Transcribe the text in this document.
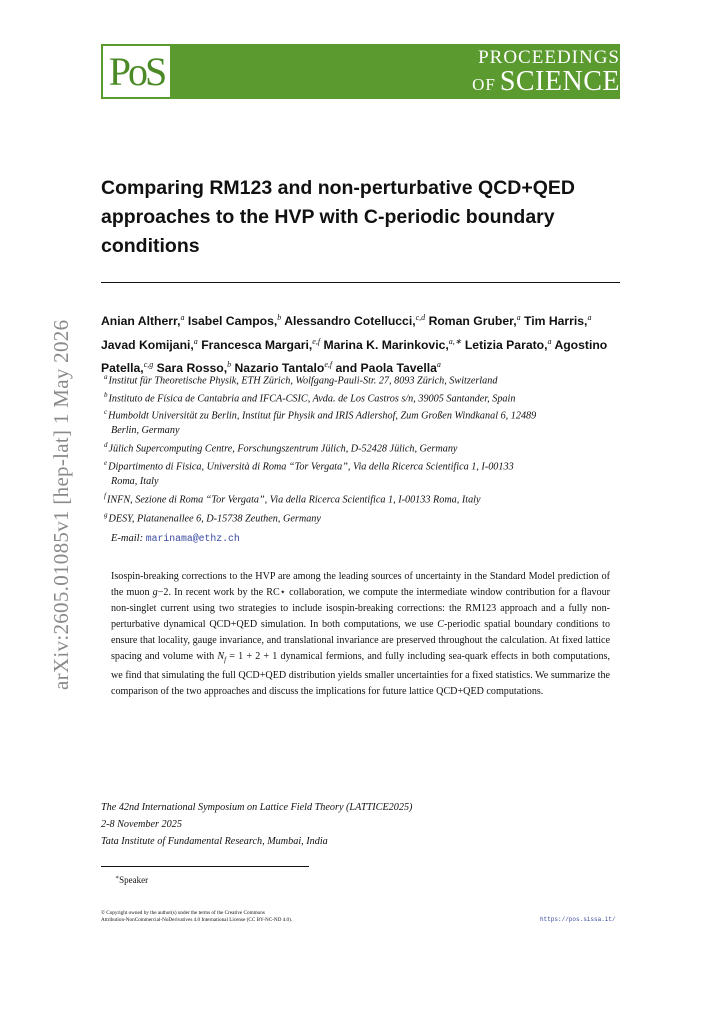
arXiv:2605.01085v1 [hep-lat] 1 May 2026
PoS	PROCEEDINGS
OF SCIENCE
Comparing RM123 and non-perturbative QCD+QED approaches to the HVP with C-periodic boundary conditions
Anian Altherr,$^a$ Isabel Campos,$^b$ Alessandro Cotellucci,$^{c,d}$ Roman Gruber,$^a$ Tim Harris,$^a$ Javad Komijani,$^a$ Francesca Margari,$^{e,f}$ Marina K. Marinkovic,$^{a,∗}$ Letizia Parato,$^a$ Agostino Patella,$^{c,g}$ Sara Rosso,$^b$ Nazario Tantalo$^{e,f}$ and Paola Tavella$^a$
$^a$Institut für Theoretische Physik, ETH Zürich, Wolfgang-Pauli-Str. 27, 8093 Zürich, Switzerland
$^b$Instituto de Física de Cantabria and IFCA-CSIC, Avda. de Los Castros s/n, 39005 Santander, Spain
$^c$Humboldt Universität zu Berlin, Institut für Physik and IRIS Adlershof, Zum Großen Windkanal 6, 12489
Berlin, Germany
$^d$Jülich Supercomputing Centre, Forschungszentrum Jülich, D-52428 Jülich, Germany
$^e$Dipartimento di Fisica, Università di Roma “Tor Vergata”, Via della Ricerca Scientifica 1, I-00133
Roma, Italy
$^f$INFN, Sezione di Roma “Tor Vergata”, Via della Ricerca Scientifica 1, I-00133 Roma, Italy
$^g$DESY, Platanenallee 6, D-15738 Zeuthen, Germany
E-mail: marinama@ethz.ch
Isospin-breaking corrections to the HVP are among the leading sources of uncertainty in the Standard Model prediction of the muon g−2. In recent work by the RC⋆ collaboration, we compute the intermediate window contribution for a flavour non-singlet current using two strategies to include isospin-breaking corrections: the RM123 approach and a fully non-perturbative dynamical QCD+QED simulation. In both computations, we use C-periodic spatial boundary conditions to ensure that locality, gauge invariance, and translational invariance are preserved throughout the calculation. At fixed lattice spacing and volume with $N_f = 1 + 2 + 1$ dynamical fermions, and fully including sea-quark effects in both computations, we find that simulating the full QCD+QED distribution yields smaller uncertainties for a fixed statistics. We summarize the comparison of the two approaches and discuss the implications for future lattice QCD+QED computations.
The 42nd International Symposium on Lattice Field Theory (LATTICE2025)
2-8 November 2025
Tata Institute of Fundamental Research, Mumbai, India
∗Speaker
© Copyright owned by the author(s) under the terms of the Creative Commons
Attribution-NonCommercial-NoDerivatives 4.0 International License (CC BY-NC-ND 4.0).	https://pos.sissa.it/
